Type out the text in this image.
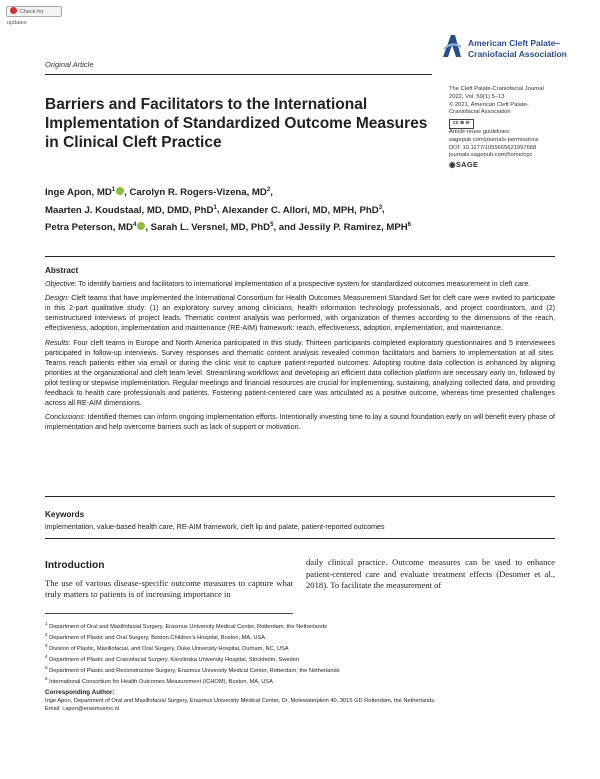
Check for updates
Original Article
American Cleft Palate–
Craniofacial Association
The Cleft Palate-Craniofacial Journal
2022, Vol. 59(1) 5–13
© 2021, American Cleft Palate-
Craniofacial Association
cc ⊕ ⊝
Article reuse guidelines:
sagepub.com/journals-permissions
DOI: 10.1177/1055665621997668
journals.sagepub.com/home/cpc
◉SAGE
Barriers and Facilitators to the International Implementation of Standardized Outcome Measures in Clinical Cleft Practice
Inge Apon, $MD^1$ , Carolyn R. Rogers-Vizena, $MD^2$,
Maarten J. Koudstaal, MD, DMD, PhD$^1$, Alexander C. Allori, MD, MPH, PhD$^3$,
Petra Peterson, $MD^4$ , Sarah L. Versnel, MD, PhD$^5$, and Jessily P. Ramirez, MPH$^6$
Abstract

Objective: To identify barriers and facilitators to international implementation of a prospective system for standardized outcomes measurement in cleft care.

Design: Cleft teams that have implemented the International Consortium for Health Outcomes Measurement Standard Set for cleft care were invited to participate in this 2-part qualitative study: (1) an exploratory survey among clinicians, health information technology professionals, and project coordinators, and (2) semistructured interviews of project leads. Thematic content analysis was performed, with organization of themes according to the dimensions of the reach, effectiveness, adoption, implementation and maintenance (RE-AIM) framework: reach, effectiveness, adoption, implementation, and maintenance.

Results: Four cleft teams in Europe and North America participated in this study. Thirteen participants completed exploratory questionnaires and 5 interviewees participated in follow-up interviews. Survey responses and thematic content analysis revealed common facilitators and barriers to implementation at all sites. Teams reach patients either via email or during the clinic visit to capture patient-reported outcomes. Adopting routine data collection is enhanced by aligning priorities at the organizational and cleft team level. Streamlining workflows and developing an efficient data collection platform are necessary early on, followed by pilot testing or stepwise implementation. Regular meetings and financial resources are crucial for implementing, sustaining, analyzing collected data, and providing feedback to health care professionals and patients. Fostering patient-centered care was articulated as a positive outcome, whereas time presented challenges across all RE-AIM dimensions.

Conclusions: Identified themes can inform ongoing implementation efforts. Intentionally investing time to lay a sound foundation early on will benefit every phase of implementation and help overcome barriers such as lack of support or motivation.

Keywords
implementation, value-based health care, RE-AIM framework, cleft lip and palate, patient-reported outcomes
Introduction
The use of various disease-specific outcome measures to capture what truly matters to patients is of increasing importance in
daily clinical practice. Outcome measures can be used to enhance patient-centered care and evaluate treatment effects (Desomer et al., 2018). To facilitate the measurement of
$^1$ Department of Oral and Maxillofacial Surgery, Erasmus University Medical Center, Rotterdam, the Netherlands
$^2$ Department of Plastic and Oral Surgery, Boston Children's Hospital, Boston, MA, USA
$^3$ Division of Plastic, Maxillofacial, and Oral Surgery, Duke University Hospital, Durham, NC, USA
$^4$ Department of Plastic and Craniofacial Surgery, Karolinska University Hospital, Stockholm, Sweden
$^5$ Department of Plastic and Reconstructive Surgery, Erasmus University Medical Center, Rotterdam, the Netherlands
$^6$ International Consortium for Health Outcomes Measurement (ICHOM), Boston, MA, USA
Corresponding Author:
Inge Apon, Department of Oral and Maxillofacial Surgery, Erasmus University Medical Center, Dr. Molewaterplein 40, 3015 GD Rotterdam, the Netherlands.
Email: i.apon@erasmusmc.nl
